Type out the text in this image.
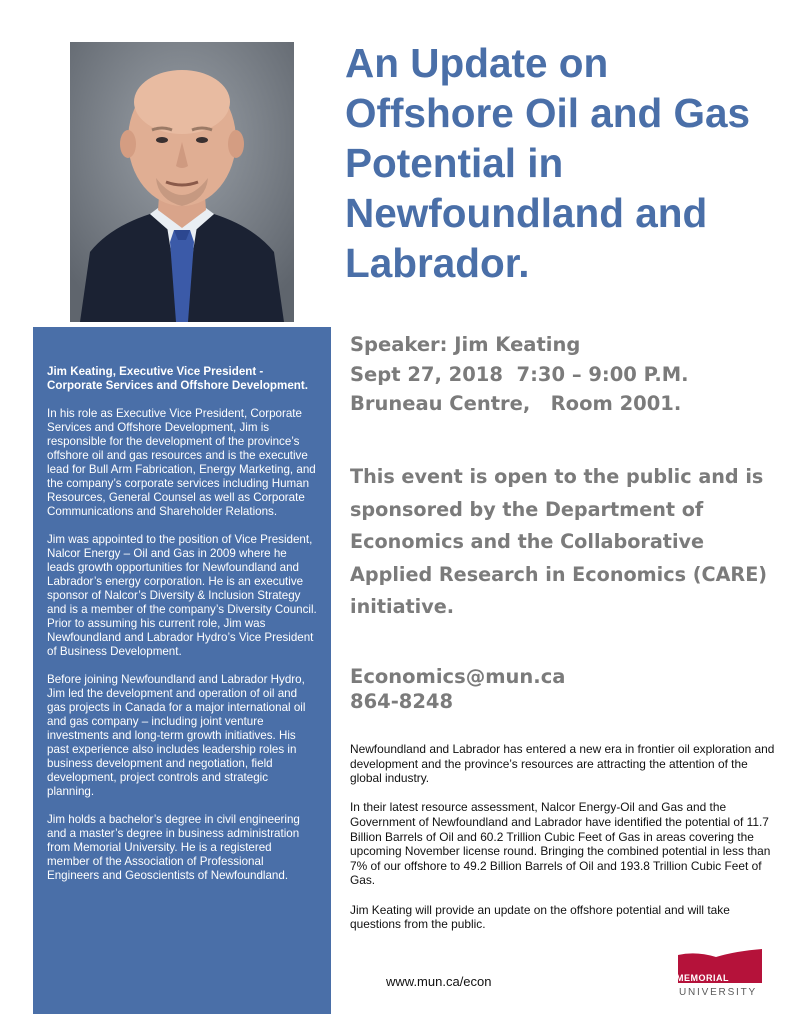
Jim Keating, Executive Vice President - Corporate Services and Offshore Development.

In his role as Executive Vice President, Corporate Services and Offshore Development, Jim is responsible for the development of the province’s offshore oil and gas resources and is the executive lead for Bull Arm Fabrication, Energy Marketing, and the company’s corporate services including Human Resources, General Counsel as well as Corporate Communications and Shareholder Relations.

Jim was appointed to the position of Vice President, Nalcor Energy – Oil and Gas in 2009 where he leads growth opportunities for Newfoundland and Labrador’s energy corporation. He is an executive sponsor of Nalcor’s Diversity & Inclusion Strategy and is a member of the company’s Diversity Council. Prior to assuming his current role, Jim was Newfoundland and Labrador Hydro’s Vice President of Business Development.

Before joining Newfoundland and Labrador Hydro, Jim led the development and operation of oil and gas projects in Canada for a major international oil and gas company – including joint venture investments and long-term growth initiatives. His past experience also includes leadership roles in business development and negotiation, field development, project controls and strategic planning.

Jim holds a bachelor’s degree in civil engineering and a master’s degree in business administration from Memorial University. He is a registered member of the Association of Professional Engineers and Geoscientists of Newfoundland.

An Update on Offshore Oil and Gas Potential in Newfoundland and Labrador.
Speaker: Jim Keating
Sept 27, 2018  7:30 – 9:00 P.M.
Bruneau Centre,   Room 2001.
This event is open to the public and is sponsored by the Department of Economics and the Collaborative Applied Research in Economics (CARE) initiative.
Economics@mun.ca
864-8248

Newfoundland and Labrador has entered a new era in frontier oil exploration and development and the province’s resources are attracting the attention of the global industry.

In their latest resource assessment, Nalcor Energy-Oil and Gas and the Government of Newfoundland and Labrador have identified the potential of 11.7 Billion Barrels of Oil and 60.2 Trillion Cubic Feet of Gas in areas covering the upcoming November license round. Bringing the combined potential in less than 7% of our offshore to 49.2 Billion Barrels of Oil and 193.8 Trillion Cubic Feet of Gas.

Jim Keating will provide an update on the offshore potential and will take questions from the public.

www.mun.ca/econ	MEMORIAL
UNIVERSITY
